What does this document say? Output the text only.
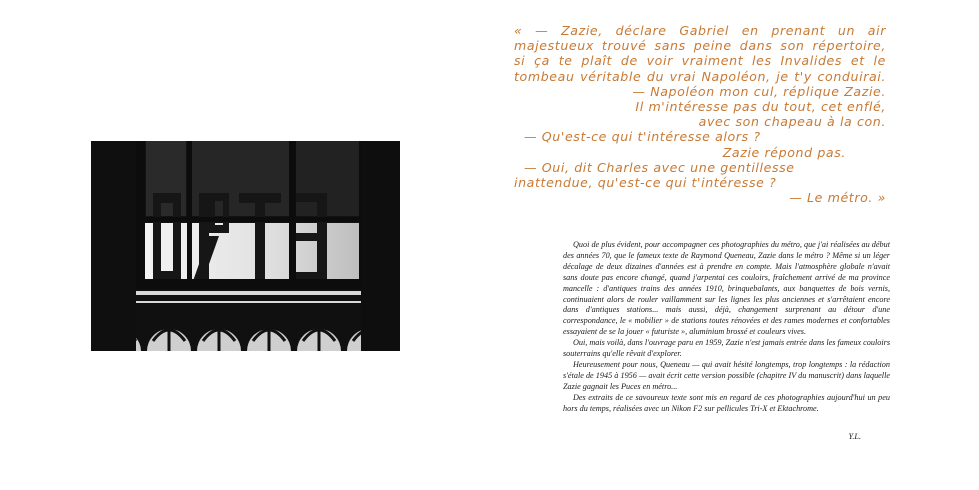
« — Zazie, déclare Gabriel en prenant un air
majestueux trouvé sans peine dans son répertoire,
si ça te plaît de voir vraiment les Invalides et le
tombeau véritable du vrai Napoléon, je t'y conduirai.
— Napoléon mon cul, réplique Zazie.
Il m'intéresse pas du tout, cet enflé,
avec son chapeau à la con.
— Qu'est-ce qui t'intéresse alors ?
Zazie répond pas.
— Oui, dit Charles avec une gentillesse
inattendue, qu'est-ce qui t'intéresse ?
— Le métro. »

Quoi de plus évident, pour accompagner ces photographies du métro, que j'ai réalisées au début des années 70, que le fameux texte de Raymond Queneau, Zazie dans le métro ? Même si un léger décalage de deux dizaines d'années est à prendre en compte. Mais l'atmosphère globale n'avait sans doute pas encore changé, quand j'arpentai ces couloirs, fraîchement arrivé de ma province mancelle : d'antiques trains des années 1910, brinquebalants, aux banquettes de bois vernis, continuaient alors de rouler vaillamment sur les lignes les plus anciennes et s'arrêtaient encore dans d'antiques stations... mais aussi, déjà, changement surprenant au détour d'une correspondance, le « mobilier » de stations toutes rénovées et des rames modernes et confortables essayaient de se la jouer « futuriste », aluminium brossé et couleurs vives.

Oui, mais voilà, dans l'ouvrage paru en 1959, Zazie n'est jamais entrée dans les fameux couloirs souterrains qu'elle rêvait d'explorer.

Heureusement pour nous, Queneau — qui avait hésité longtemps, trop longtemps : la rédaction s'étale de 1945 à 1956 — avait écrit cette version possible (chapitre IV du manuscrit) dans laquelle Zazie gagnait les Puces en métro...

Des extraits de ce savoureux texte sont mis en regard de ces photographies aujourd'hui un peu hors du temps, réalisées avec un Nikon F2 sur pellicules Tri-X et Ektachrome.

Y.L.
